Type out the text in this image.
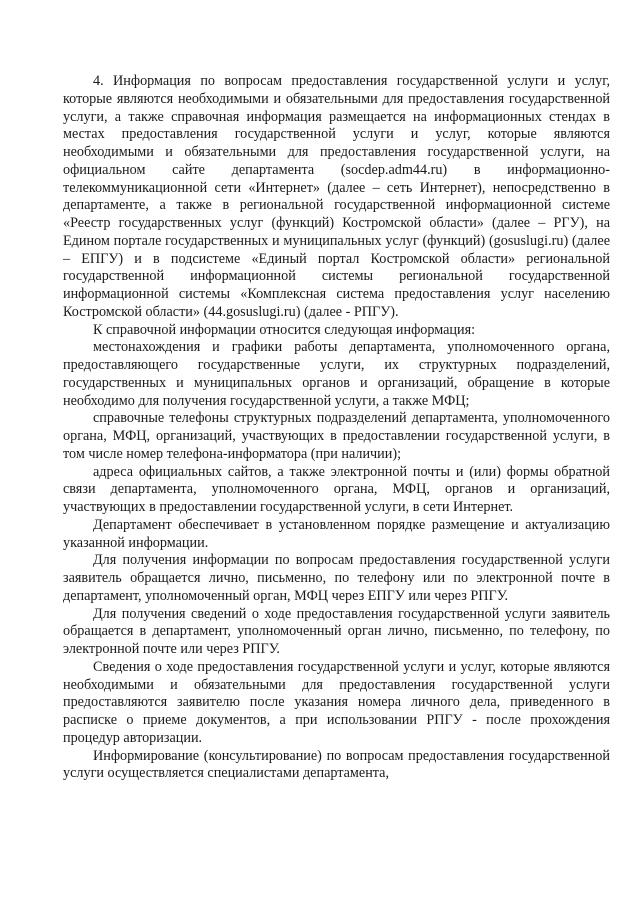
4. Информация по вопросам предоставления государственной услуги и услуг, которые являются необходимыми и обязательными для предоставления государственной услуги, а также справочная информация размещается на информационных стендах в местах предоставления государственной услуги и услуг, которые являются необходимыми и обязательными для предоставления государственной услуги, на официальном сайте департамента (socdep.adm44.ru) в информационно-телекоммуникационной сети «Интернет» (далее – сеть Интернет), непосредственно в департаменте, а также в региональной государственной информационной системе «Реестр государственных услуг (функций) Костромской области» (далее – РГУ), на Едином портале государственных и муниципальных услуг (функций) (gosuslugi.ru) (далее – ЕПГУ) и в подсистеме «Единый портал Костромской области» региональной государственной информационной системы региональной государственной информационной системы «Комплексная система предоставления услуг населению Костромской области» (44.gosuslugi.ru) (далее - РПГУ).

К справочной информации относится следующая информация:

местонахождения и графики работы департамента, уполномоченного органа, предоставляющего государственные услуги, их структурных подразделений, государственных и муниципальных органов и организаций, обращение в которые необходимо для получения государственной услуги, а также МФЦ;

справочные телефоны структурных подразделений департамента, уполномоченного органа, МФЦ, организаций, участвующих в предоставлении государственной услуги, в том числе номер телефона-информатора (при наличии);

адреса официальных сайтов, а также электронной почты и (или) формы обратной связи департамента, уполномоченного органа, МФЦ, органов и организаций, участвующих в предоставлении государственной услуги, в сети Интернет.

Департамент обеспечивает в установленном порядке размещение и актуализацию указанной информации.

Для получения информации по вопросам предоставления государственной услуги заявитель обращается лично, письменно, по телефону или по электронной почте в департамент, уполномоченный орган, МФЦ через ЕПГУ или через РПГУ.

Для получения сведений о ходе предоставления государственной услуги заявитель обращается в департамент, уполномоченный орган лично, письменно, по телефону, по электронной почте или через РПГУ.

Сведения о ходе предоставления государственной услуги и услуг, которые являются необходимыми и обязательными для предоставления государственной услуги предоставляются заявителю после указания номера личного дела, приведенного в расписке о приеме документов, а при использовании РПГУ - после прохождения процедур авторизации.

Информирование (консультирование) по вопросам предоставления государственной услуги осуществляется специалистами департамента,
